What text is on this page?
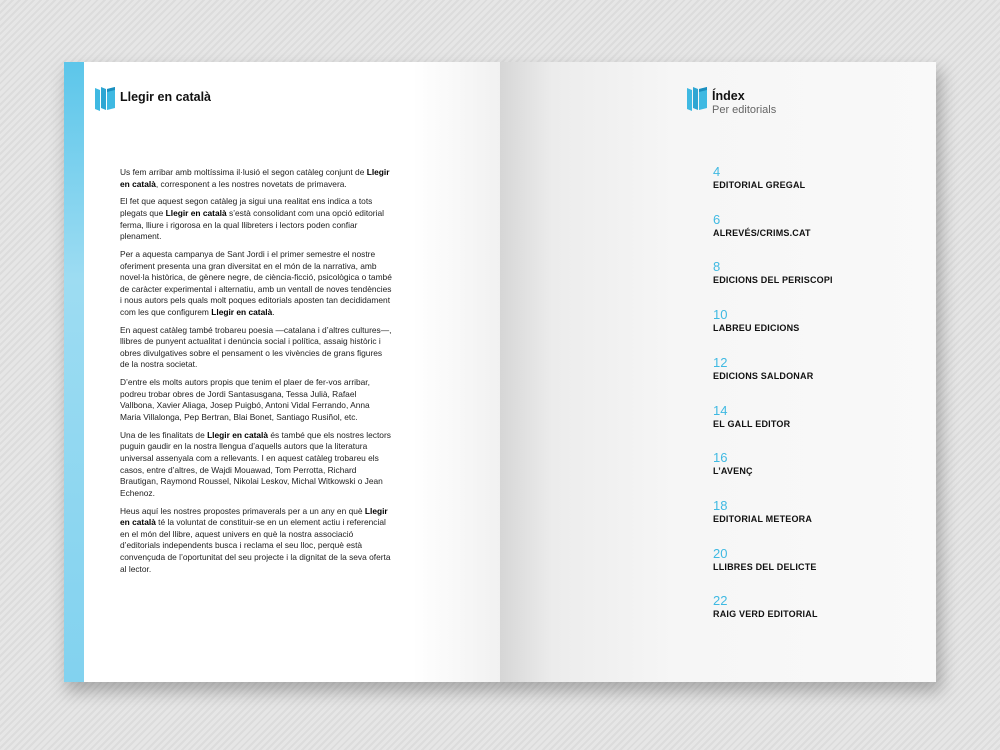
Llegir en català

Us fem arribar amb moltíssima il·lusió el segon catàleg conjunt de Llegir en català, corresponent a les nostres novetats de primavera.

El fet que aquest segon catàleg ja sigui una realitat ens indica a tots plegats que Llegir en català s’està consolidant com una opció editorial ferma, lliure i rigorosa en la qual llibreters i lectors poden confiar plenament.

Per a aquesta campanya de Sant Jordi i el primer semestre el nostre oferiment presenta una gran diversitat en el món de la narrativa, amb novel·la històrica, de gènere negre, de ciència-ficció, psicològica o també de caràcter experimental i alternatiu, amb un ventall de noves tendències i nous autors pels quals molt poques editorials aposten tan decididament com les que configurem Llegir en català.

En aquest catàleg també trobareu poesia —catalana i d’altres cultures—, llibres de punyent actualitat i denúncia social i política, assaig històric i obres divulgatives sobre el pensament o les vivències de grans figures de la nostra societat.

D’entre els molts autors propis que tenim el plaer de fer-vos arribar, podreu trobar obres de Jordi Santasusgana, Tessa Julià, Rafael Vallbona, Xavier Aliaga, Josep Puigbó, Antoni Vidal Ferrando, Anna Maria Villalonga, Pep Bertran, Blai Bonet, Santiago Rusiñol, etc.

Una de les finalitats de Llegir en català és també que els nostres lectors puguin gaudir en la nostra llengua d’aquells autors que la literatura universal assenyala com a rellevants. I en aquest catàleg trobareu els casos, entre d’altres, de Wajdi Mouawad, Tom Perrotta, Richard Brautigan, Raymond Roussel, Nikolai Leskov, Michal Witkowski o Jean Echenoz.

Heus aquí les nostres propostes primaverals per a un any en què Llegir en català té la voluntat de constituir-se en un element actiu i referencial en el món del llibre, aquest univers en què la nostra associació d’editorials independents busca i reclama el seu lloc, perquè està convençuda de l’oportunitat del seu projecte i la dignitat de la seva oferta al lector.

Índex
Per editorials
4
EDITORIAL GREGAL
6
ALREVÉS/CRIMS.CAT
8
EDICIONS DEL PERISCOPI
10
LABREU EDICIONS
12
EDICIONS SALDONAR
14
EL GALL EDITOR
16
L’AVENÇ
18
EDITORIAL METEORA
20
LLIBRES DEL DELICTE
22
RAIG VERD EDITORIAL
